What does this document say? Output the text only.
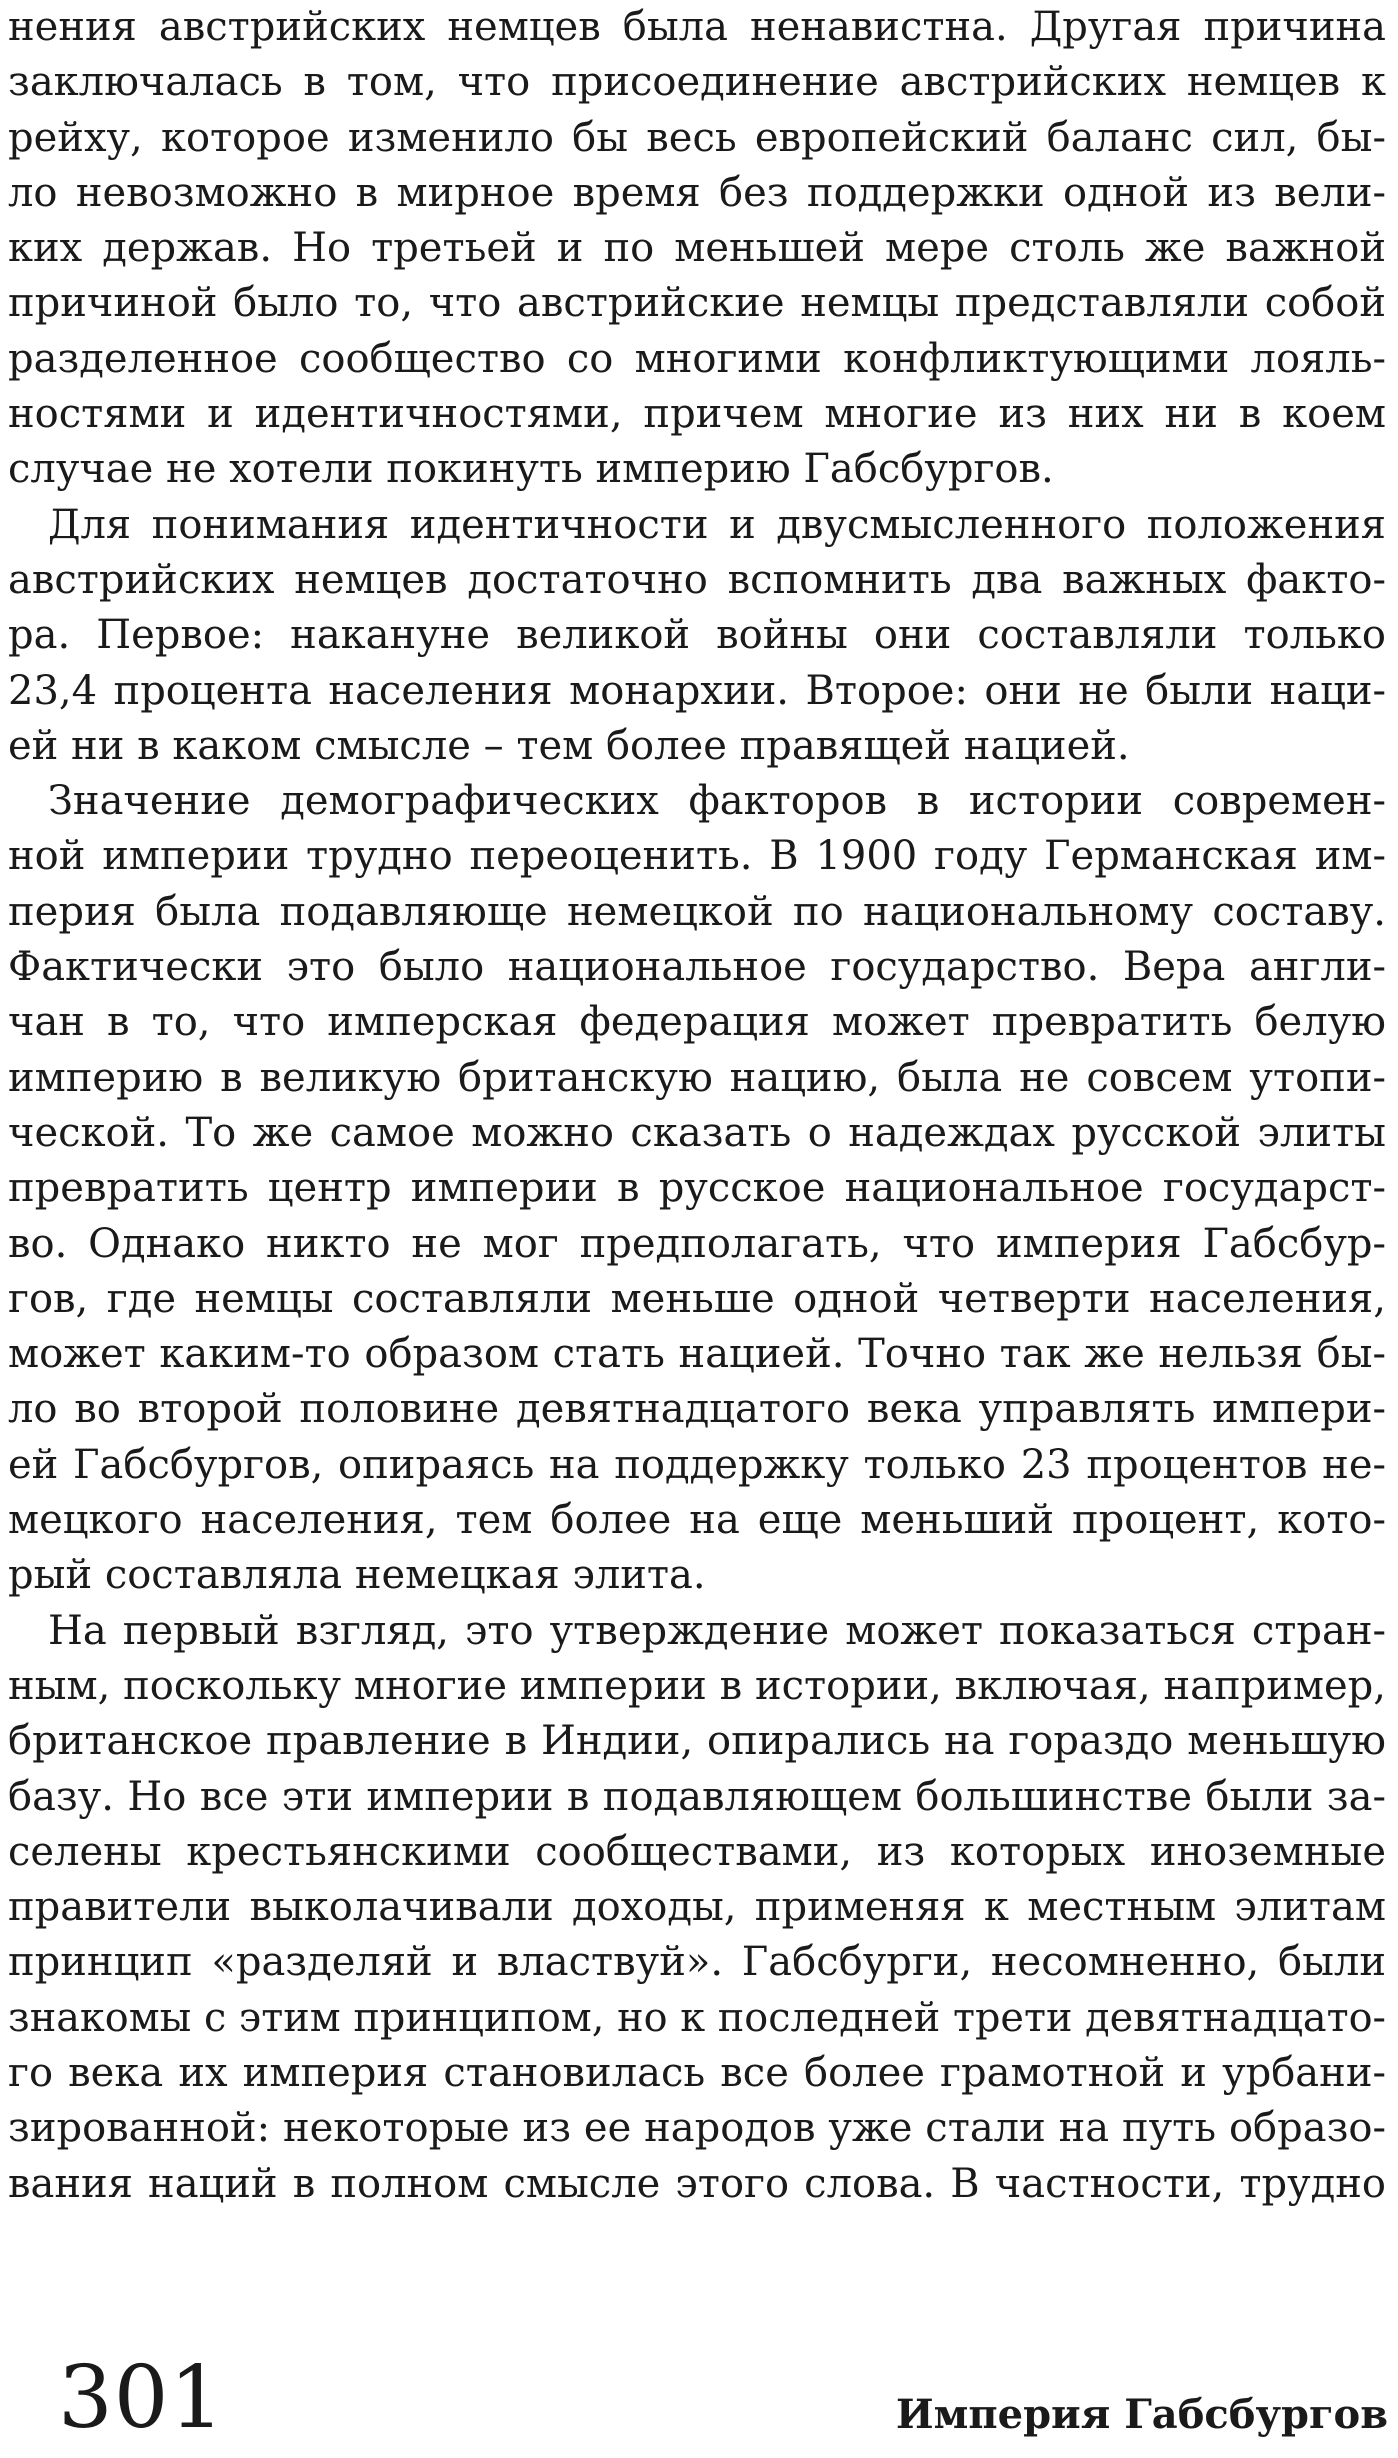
нения австрийских немцев была ненавистна. Другая причина
заключалась в том, что присоединение австрийских немцев к
рейху, которое изменило бы весь европейский баланс сил, бы-
ло невозможно в мирное время без поддержки одной из вели-
ких держав. Но третьей и по меньшей мере столь же важной
причиной было то, что австрийские немцы представляли собой
разделенное сообщество со многими конфликтующими лояль-
ностями и идентичностями, причем многие из них ни в коем
случае не хотели покинуть империю Габсбургов.

Для понимания идентичности и двусмысленного положения
австрийских немцев достаточно вспомнить два важных факто-
ра. Первое: накануне великой войны они составляли только
23,4 процента населения монархии. Второе: они не были наци-
ей ни в каком смысле – тем более правящей нацией.

Значение демографических факторов в истории современ-
ной империи трудно переоценить. В 1900 году Германская им-
перия была подавляюще немецкой по национальному составу.
Фактически это было национальное государство. Вера англи-
чан в то, что имперская федерация может превратить белую
империю в великую британскую нацию, была не совсем утопи-
ческой. То же самое можно сказать о надеждах русской элиты
превратить центр империи в русское национальное государст-
во. Однако никто не мог предполагать, что империя Габсбур-
гов, где немцы составляли меньше одной четверти населения,
может каким-то образом стать нацией. Точно так же нельзя бы-
ло во второй половине девятнадцатого века управлять импери-
ей Габсбургов, опираясь на поддержку только 23 процентов не-
мецкого населения, тем более на еще меньший процент, кото-
рый составляла немецкая элита.

На первый взгляд, это утверждение может показаться стран-
ным, поскольку многие империи в истории, включая, например,
британское правление в Индии, опирались на гораздо меньшую
базу. Но все эти империи в подавляющем большинстве были за-
селены крестьянскими сообществами, из которых иноземные
правители выколачивали доходы, применяя к местным элитам
принцип «разделяй и властвуй». Габсбурги, несомненно, были
знакомы с этим принципом, но к последней трети девятнадцато-
го века их империя становилась все более грамотной и урбани-
зированной: некоторые из ее народов уже стали на путь образо-
вания наций в полном смысле этого слова. В частности, трудно

301	Империя Габсбургов
